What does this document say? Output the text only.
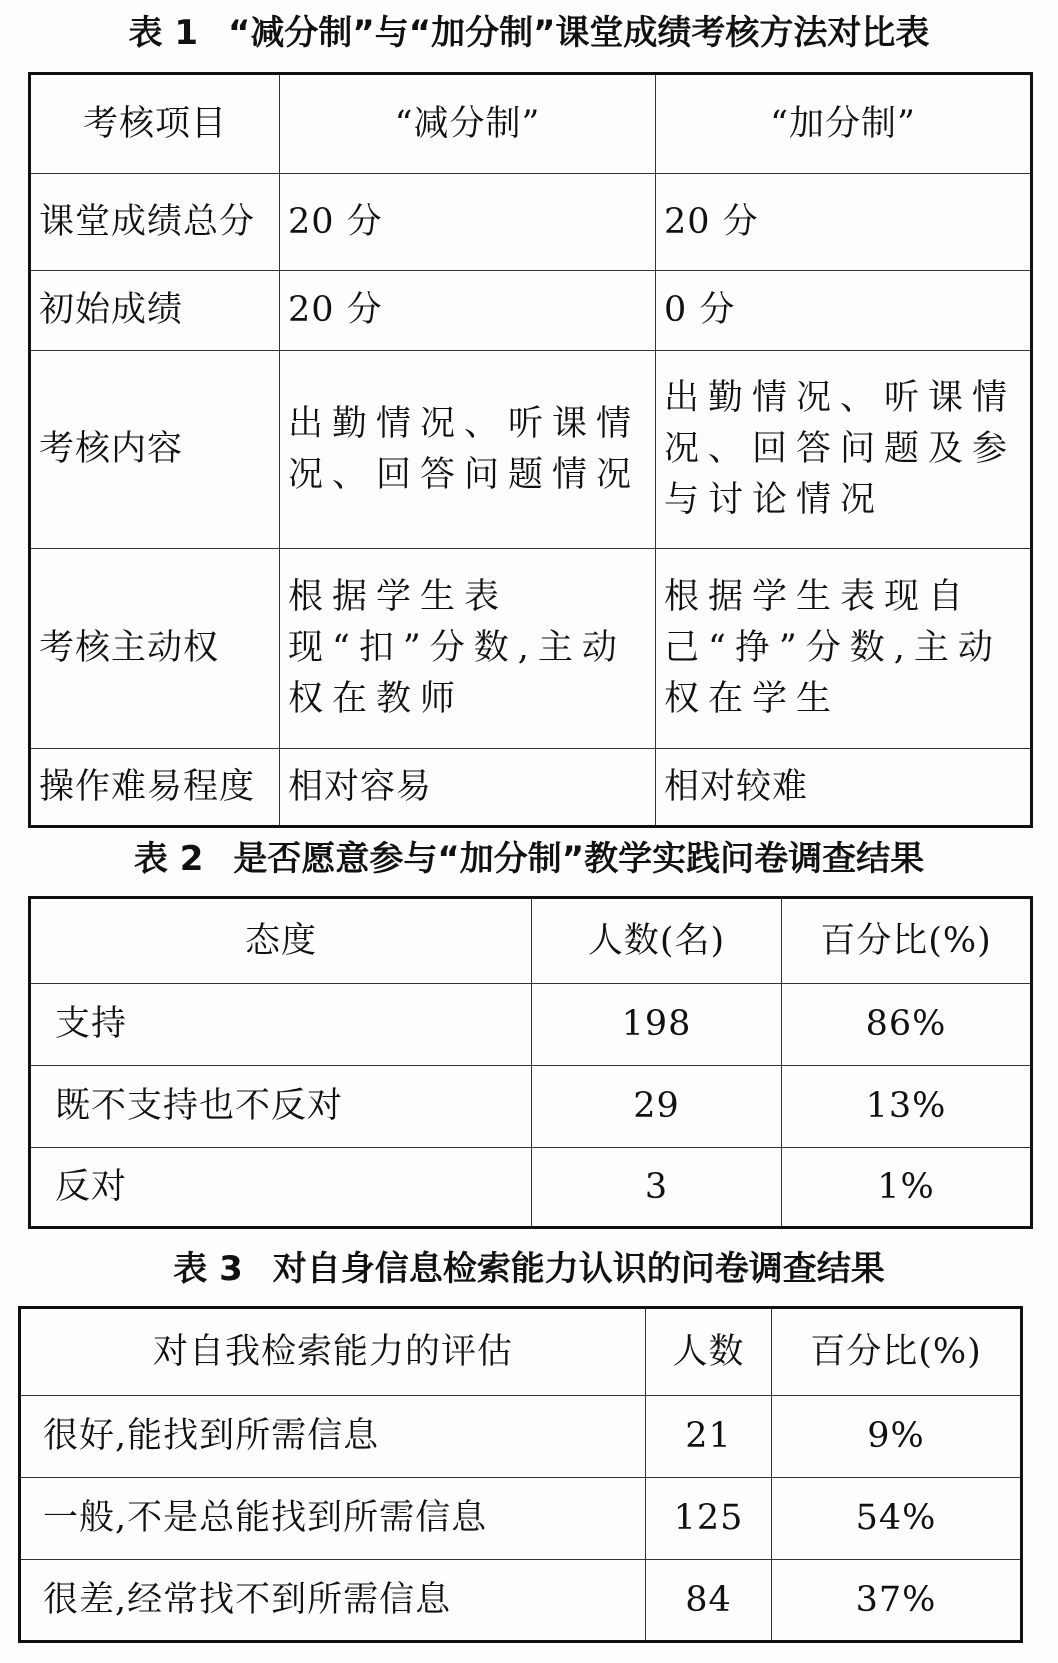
表 1 “减分制”与“加分制”课堂成绩考核方法对比表
考核项目	“减分制”	“加分制”
课堂成绩总分	20 分	20 分
初始成绩	20 分	0 分
考核内容	出勤情况、听课情况、回答问题情况	出勤情况、听课情况、回答问题及参与讨论情况
考核主动权	根据学生表现“扣”分数,主动权在教师	根据学生表现自己“挣”分数,主动权在学生
操作难易程度	相对容易	相对较难
表 2 是否愿意参与“加分制”教学实践问卷调查结果
态度	人数(名)	百分比(%)
支持	198	86%
既不支持也不反对	29	13%
反对	3	1%
表 3 对自身信息检索能力认识的问卷调查结果
对自我检索能力的评估	人数	百分比(%)
很好,能找到所需信息	21	9%
一般,不是总能找到所需信息	125	54%
很差,经常找不到所需信息	84	37%
